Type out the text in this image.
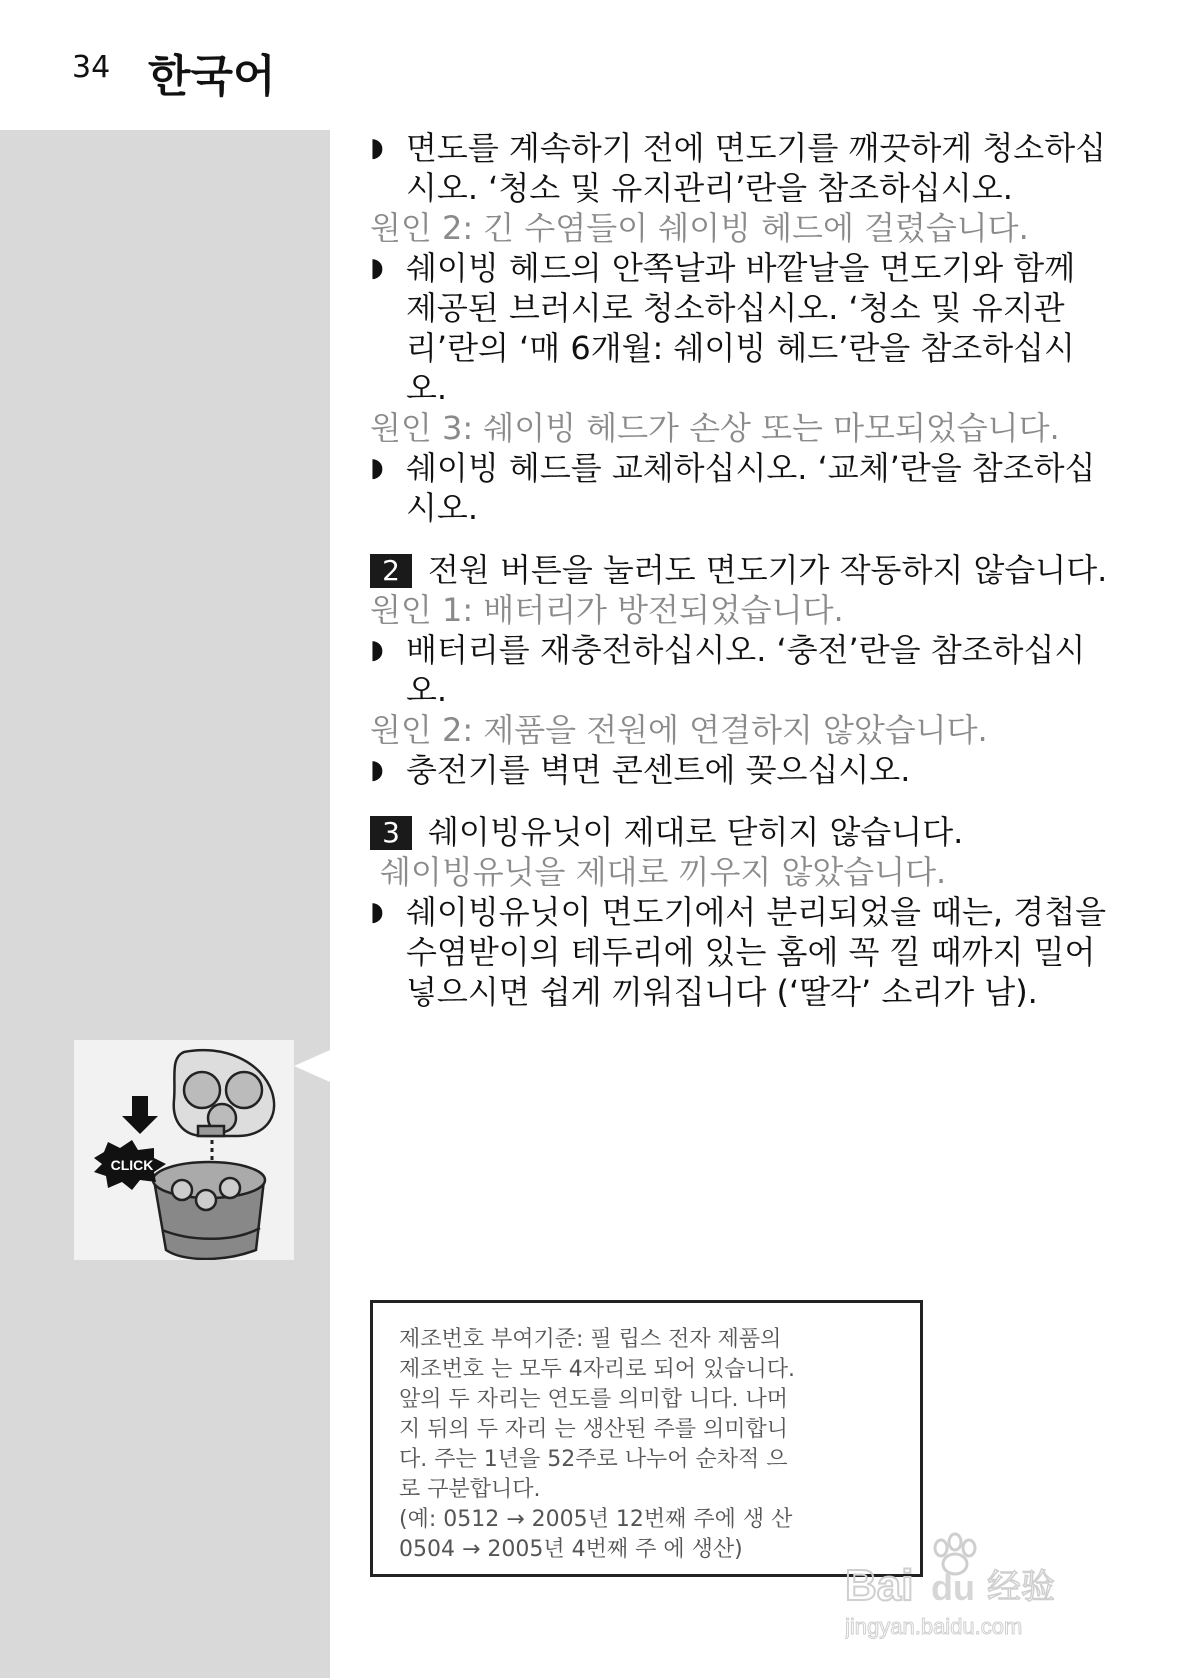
34 한국어
◗ 면도를 계속하기 전에 면도기를 깨끗하게 청소하십시오. ‘청소 및 유지관리’란을 참조하십시오.
원인 2: 긴 수염들이 쉐이빙 헤드에 걸렸습니다.
◗ 쉐이빙 헤드의 안쪽날과 바깥날을 면도기와 함께 제공된 브러시로 청소하십시오. ‘청소 및 유지관리’란의 ‘매 6개월: 쉐이빙 헤드’란을 참조하십시오.
원인 3: 쉐이빙 헤드가 손상 또는 마모되었습니다.
◗ 쉐이빙 헤드를 교체하십시오. ‘교체’란을 참조하십시오.
2 전원 버튼을 눌러도 면도기가 작동하지 않습니다.
원인 1: 배터리가 방전되었습니다.
◗ 배터리를 재충전하십시오. ‘충전’란을 참조하십시오.
원인 2: 제품을 전원에 연결하지 않았습니다.
◗ 충전기를 벽면 콘센트에 꽂으십시오.
3 쉐이빙유닛이 제대로 닫히지 않습니다.
쉐이빙유닛을 제대로 끼우지 않았습니다.
◗ 쉐이빙유닛이 면도기에서 분리되었을 때는, 경첩을 수염받이의 테두리에 있는 홈에 꼭 낄 때까지 밀어 넣으시면 쉽게 끼워집니다 (‘딸각’ 소리가 남).
CLICK
제조번호 부여기준: 필 립스 전자 제품의
제조번호 는 모두 4자리로 되어 있습니다.
앞의 두 자리는 연도를 의미합 니다. 나머
지 뒤의 두 자리 는 생산된 주를 의미합니
다. 주는 1년을 52주로 나누어 순차적 으
로 구분합니다.
(예: 0512 → 2005년 12번째 주에 생 산
0504 → 2005년 4번째 주 에 생산)
Bai du 经验
jingyan.baidu.com
